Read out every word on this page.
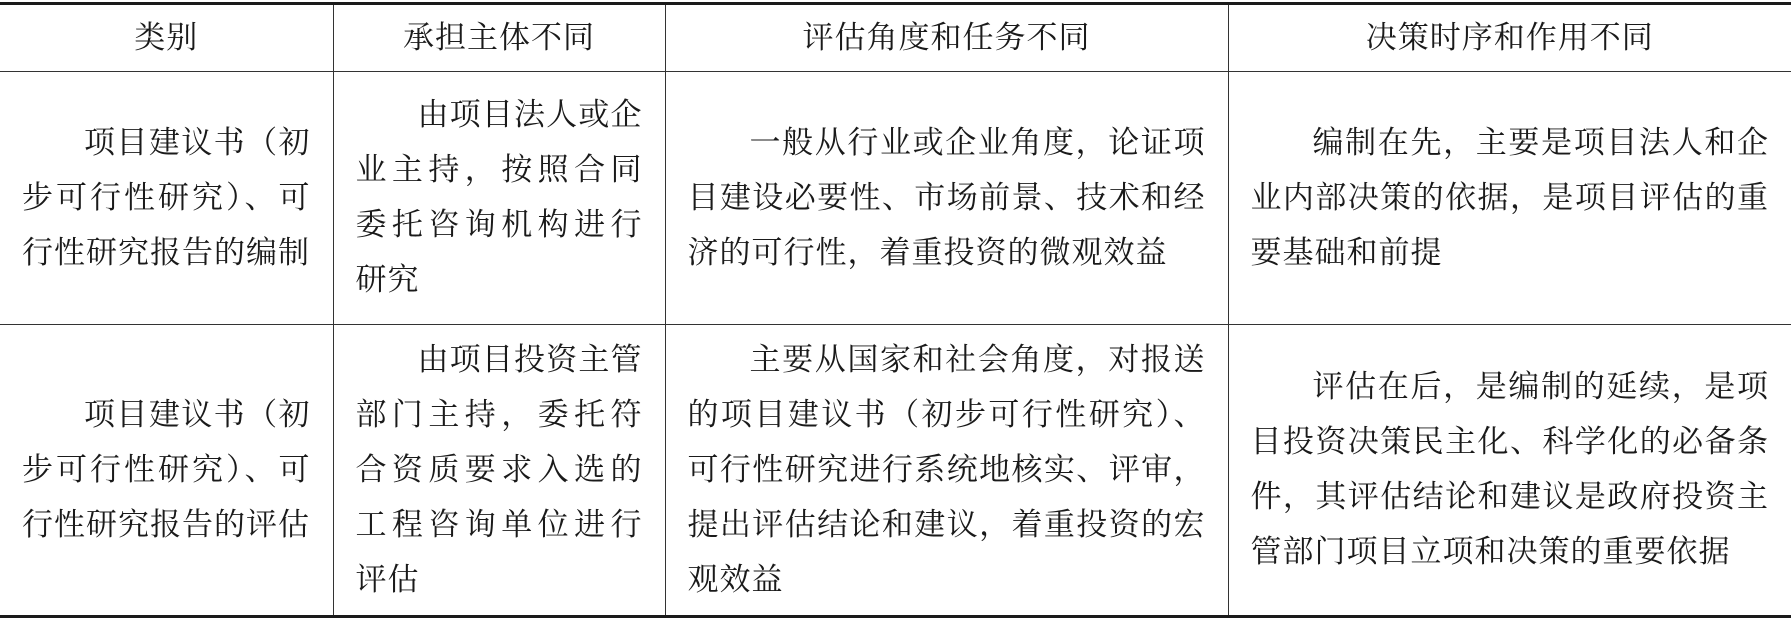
类别	承担主体不同	评估角度和任务不同	决策时序和作用不同
项目建议书（初步可行性研究）、可行性研究报告的编制	由项目法人或企业主持，按照合同委托咨询机构进行研究	一般从行业或企业角度，论证项目建设必要性、市场前景、技术和经济的可行性，着重投资的微观效益	编制在先，主要是项目法人和企业内部决策的依据，是项目评估的重要基础和前提
项目建议书（初步可行性研究）、可行性研究报告的评估	由项目投资主管部门主持，委托符合资质要求入选的工程咨询单位进行评估	主要从国家和社会角度，对报送的项目建议书（初步可行性研究）、可行性研究进行系统地核实、评审，提出评估结论和建议，着重投资的宏观效益	评估在后，是编制的延续，是项目投资决策民主化、科学化的必备条件，其评估结论和建议是政府投资主管部门项目立项和决策的重要依据
